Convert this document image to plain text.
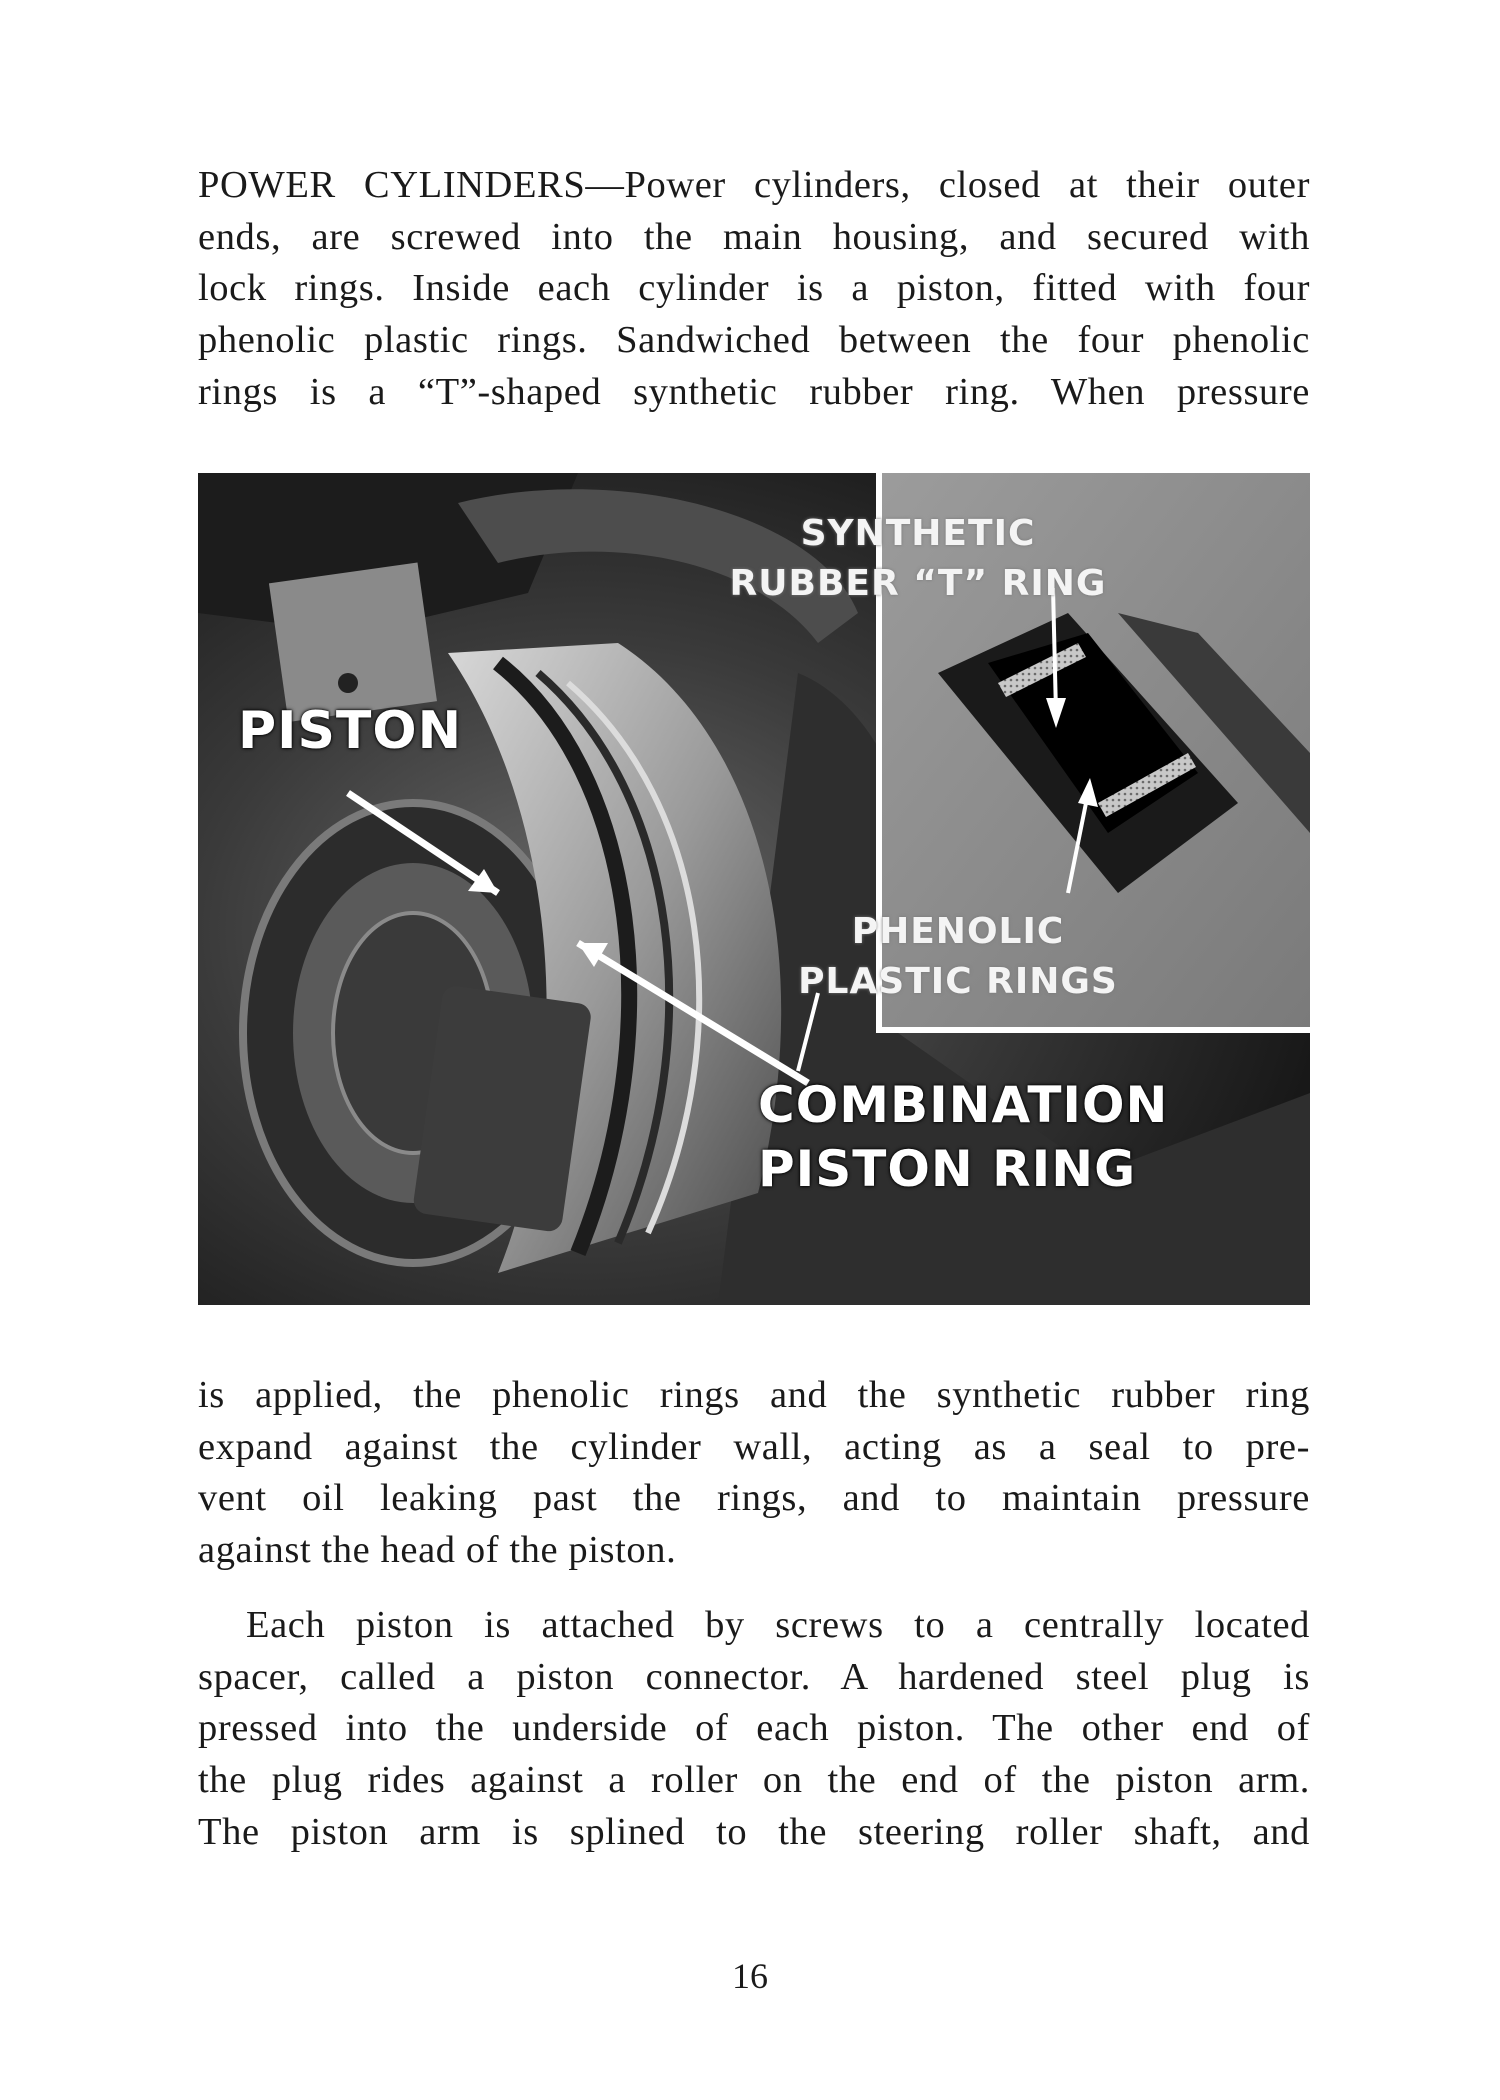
POWER CYLINDERS—Power cylinders, closed at their outer
ends, are screwed into the main housing, and secured with
lock rings. Inside each cylinder is a piston, fitted with four
phenolic plastic rings. Sandwiched between the four phenolic
rings is a “T”-shaped synthetic rubber ring. When pressure

PISTON
SYNTHETIC
RUBBER “T” RING
PHENOLIC
PLASTIC RINGS
COMBINATION
PISTON RING

is applied, the phenolic rings and the synthetic rubber ring
expand against the cylinder wall, acting as a seal to pre-
vent oil leaking past the rings, and to maintain pressure
against the head of the piston.

Each piston is attached by screws to a centrally located
spacer, called a piston connector. A hardened steel plug is
pressed into the underside of each piston. The other end of
the plug rides against a roller on the end of the piston arm.
The piston arm is splined to the steering roller shaft, and

16
